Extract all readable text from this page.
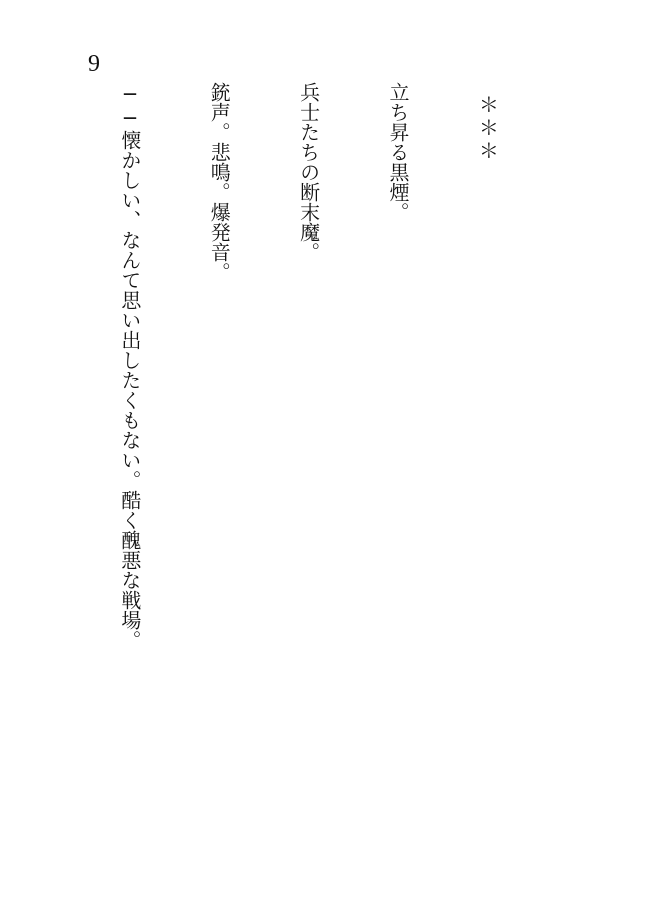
9

＊＊＊

立ち昇る黒煙。

兵士たちの断末魔。

銃声。悲鳴。爆発音。

──懐かしい、なんて思い出したくもない。酷く醜悪な戦場。
